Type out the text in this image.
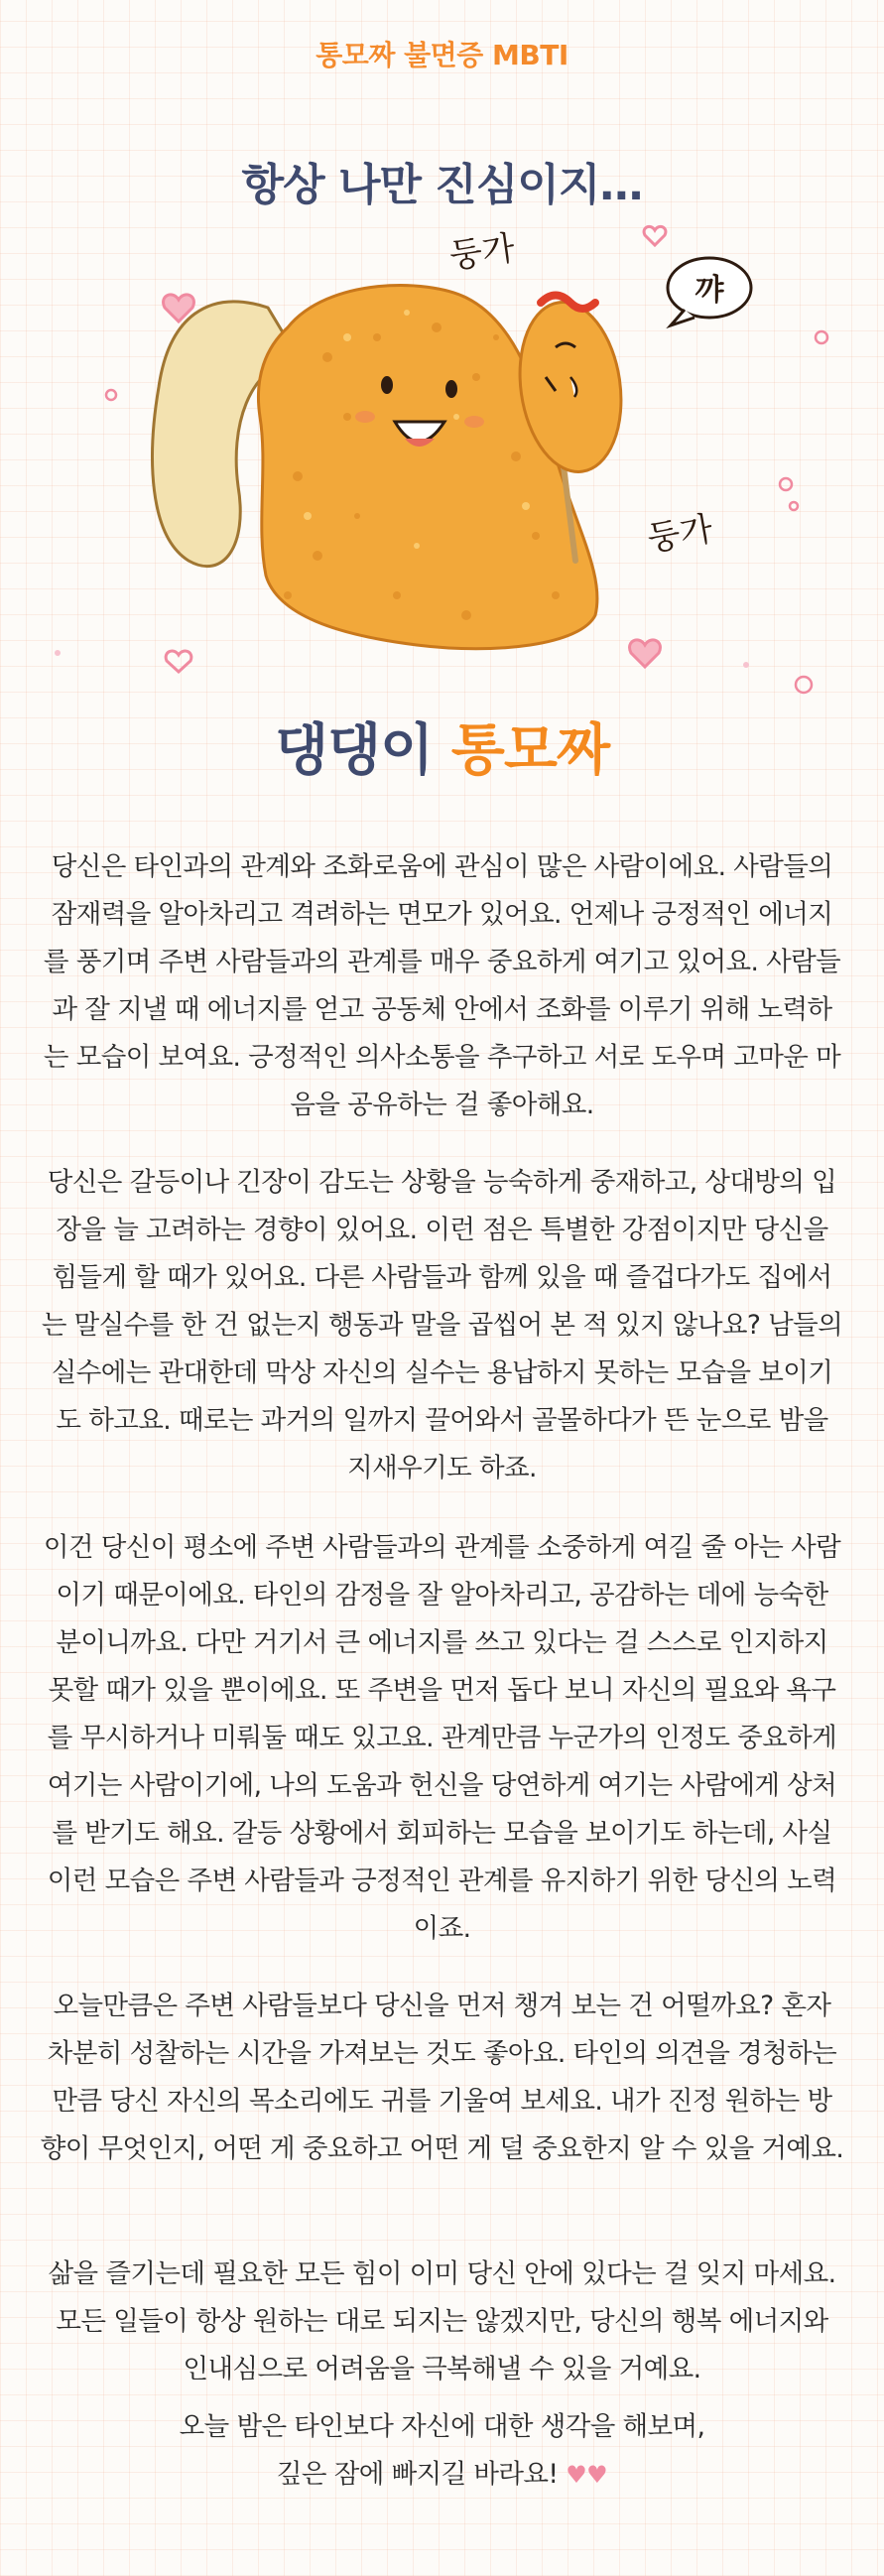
통모짜 불면증 MBTI
항상 나만 진심이지…
꺄
둥가
둥가
댕댕이 통모짜
당신은 타인과의 관계와 조화로움에 관심이 많은 사람이에요. 사람들의 잠재력을 알아차리고 격려하는 면모가 있어요. 언제나 긍정적인 에너지를 풍기며 주변 사람들과의 관계를 매우 중요하게 여기고 있어요. 사람들과 잘 지낼 때 에너지를 얻고 공동체 안에서 조화를 이루기 위해 노력하는 모습이 보여요. 긍정적인 의사소통을 추구하고 서로 도우며 고마운 마음을 공유하는 걸 좋아해요.
당신은 갈등이나 긴장이 감도는 상황을 능숙하게 중재하고, 상대방의 입장을 늘 고려하는 경향이 있어요. 이런 점은 특별한 강점이지만 당신을 힘들게 할 때가 있어요. 다른 사람들과 함께 있을 때 즐겁다가도 집에서는 말실수를 한 건 없는지 행동과 말을 곱씹어 본 적 있지 않나요? 남들의 실수에는 관대한데 막상 자신의 실수는 용납하지 못하는 모습을 보이기도 하고요. 때로는 과거의 일까지 끌어와서 골몰하다가 뜬 눈으로 밤을 지새우기도 하죠.
이건 당신이 평소에 주변 사람들과의 관계를 소중하게 여길 줄 아는 사람이기 때문이에요. 타인의 감정을 잘 알아차리고, 공감하는 데에 능숙한 분이니까요. 다만 거기서 큰 에너지를 쓰고 있다는 걸 스스로 인지하지 못할 때가 있을 뿐이에요. 또 주변을 먼저 돕다 보니 자신의 필요와 욕구를 무시하거나 미뤄둘 때도 있고요. 관계만큼 누군가의 인정도 중요하게 여기는 사람이기에, 나의 도움과 헌신을 당연하게 여기는 사람에게 상처를 받기도 해요. 갈등 상황에서 회피하는 모습을 보이기도 하는데, 사실 이런 모습은 주변 사람들과 긍정적인 관계를 유지하기 위한 당신의 노력이죠.
오늘만큼은 주변 사람들보다 당신을 먼저 챙겨 보는 건 어떨까요? 혼자 차분히 성찰하는 시간을 가져보는 것도 좋아요. 타인의 의견을 경청하는 만큼 당신 자신의 목소리에도 귀를 기울여 보세요. 내가 진정 원하는 방향이 무엇인지, 어떤 게 중요하고 어떤 게 덜 중요한지 알 수 있을 거예요.
삶을 즐기는데 필요한 모든 힘이 이미 당신 안에 있다는 걸 잊지 마세요. 모든 일들이 항상 원하는 대로 되지는 않겠지만, 당신의 행복 에너지와 인내심으로 어려움을 극복해낼 수 있을 거예요.
오늘 밤은 타인보다 자신에 대한 생각을 해보며,
깊은 잠에 빠지길 바라요! ♥♥
